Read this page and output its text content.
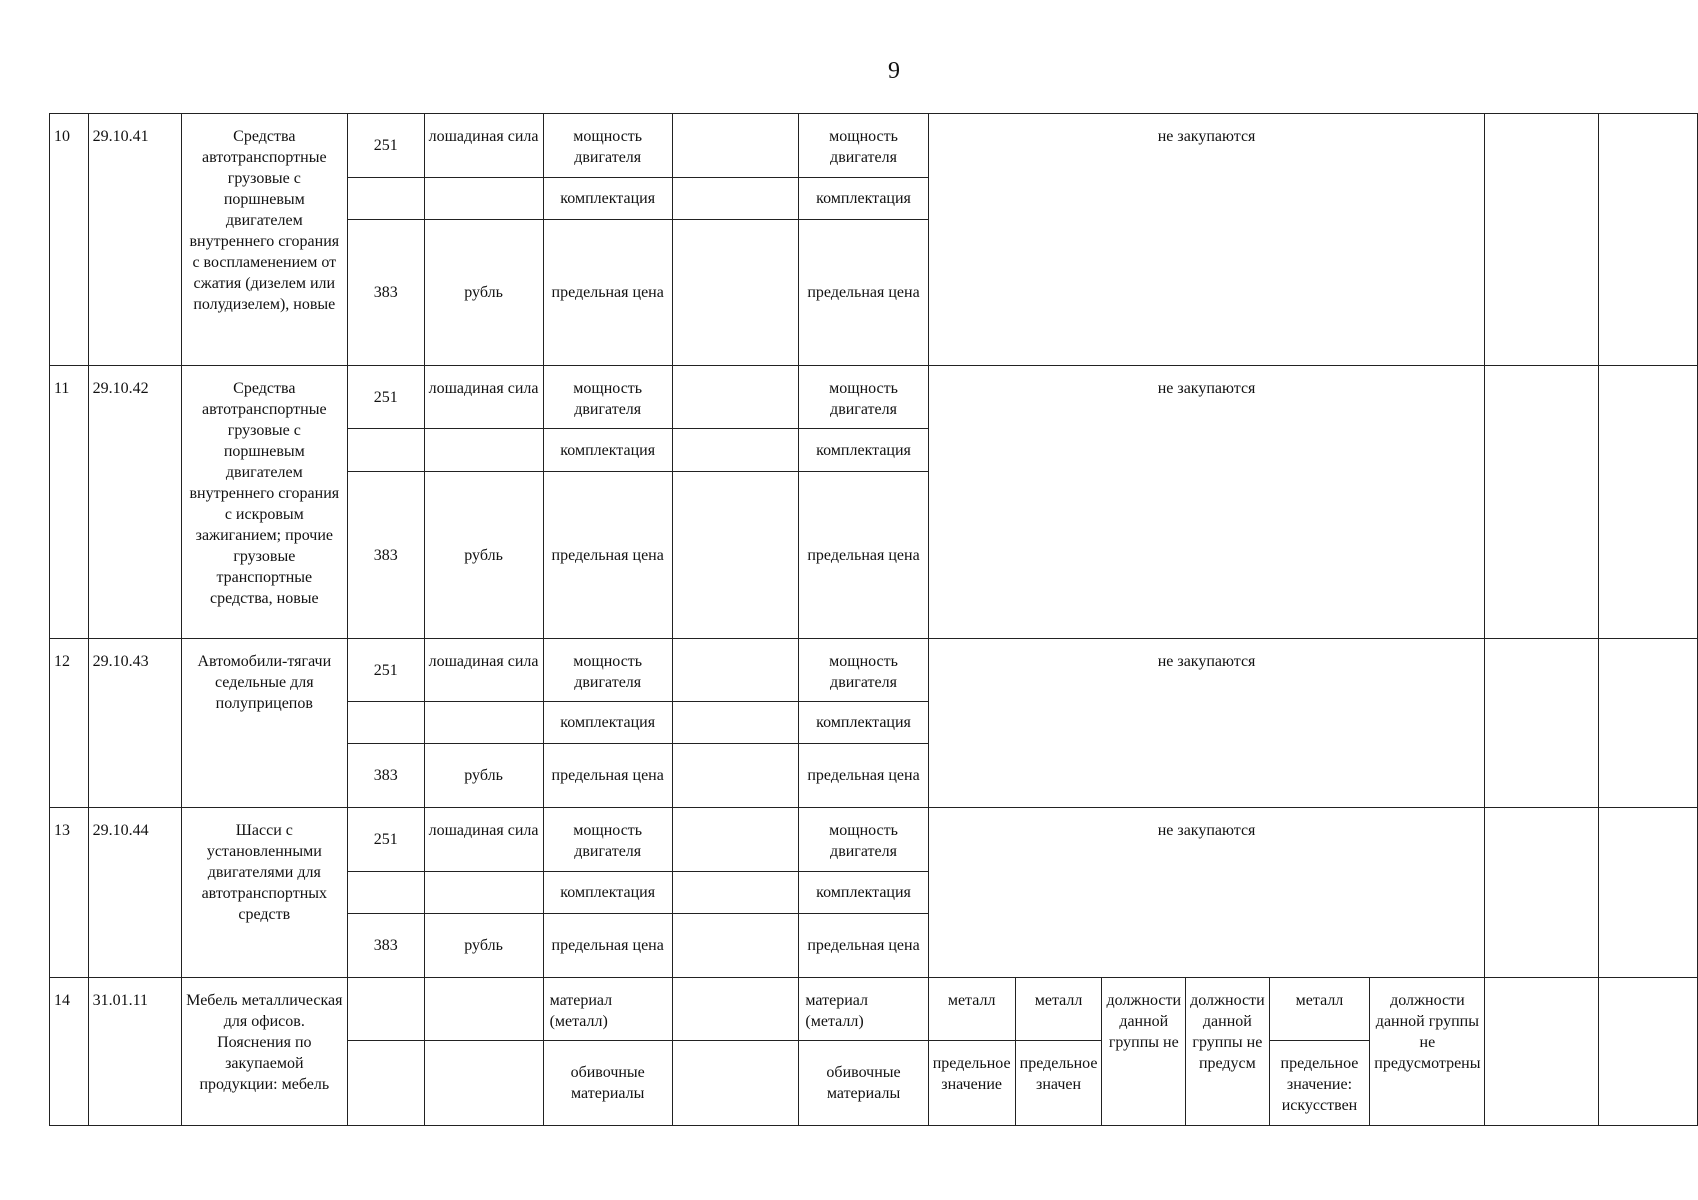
9
10	29.10.41	Средства автотранспортные грузовые с поршневым двигателем внутреннего сгорания с воспламенением от сжатия (дизелем или полудизелем), новые	251	лошадиная сила	мощность двигателя		мощность двигателя	не закупаются							
					комплектация		комплектация								
			383	рубль	предельная цена		предельная цена								
11	29.10.42	Средства автотранспортные грузовые с поршневым двигателем внутреннего сгорания с искровым зажиганием; прочие грузовые транспортные средства, новые	251	лошадиная сила	мощность двигателя		мощность двигателя	не закупаются							
					комплектация		комплектация								
			383	рубль	предельная цена		предельная цена								
12	29.10.43	Автомобили-тягачи седельные для полуприцепов	251	лошадиная сила	мощность двигателя		мощность двигателя	не закупаются							
					комплектация		комплектация								
			383	рубль	предельная цена		предельная цена								
13	29.10.44	Шасси с установленными двигателями для автотранспортных средств	251	лошадиная сила	мощность двигателя		мощность двигателя	не закупаются							
					комплектация		комплектация								
			383	рубль	предельная цена		предельная цена								
14	31.01.11	Мебель металлическая для офисов. Пояснения по закупаемой продукции: мебель			материал (металл)		материал (металл)	металл	металл	должности данной группы не	должности данной группы не предусм	металл	должности данной группы не предусмотрены		
					обивочные материалы		обивочные материалы	предельное значение	предельное значен			предельное значение: искусствен			
